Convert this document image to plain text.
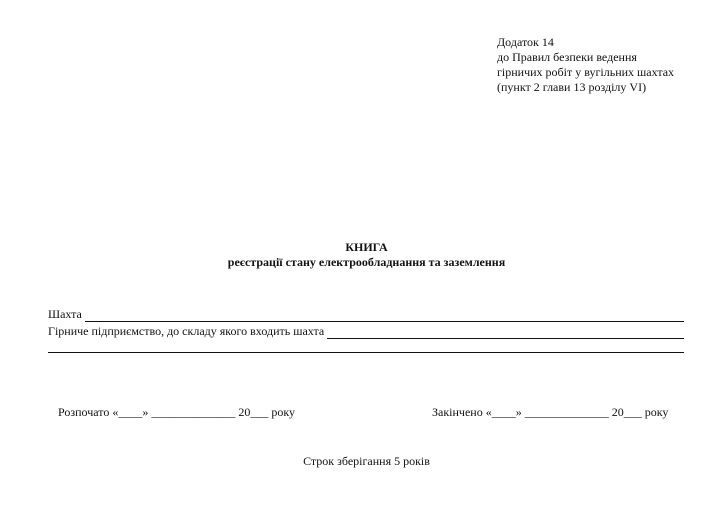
Додаток 14
до Правил безпеки ведення
гірничих робіт у вугільних шахтах
(пункт 2 глави 13 розділу VI)
КНИГА
реєстрації стану електрообладнання та заземлення
Шахта
Гірниче підприємство, до складу якого входить шахта
Розпочато «____» ______________ 20___ року	Закінчено «____» ______________ 20___ року
Строк зберігання 5 років
